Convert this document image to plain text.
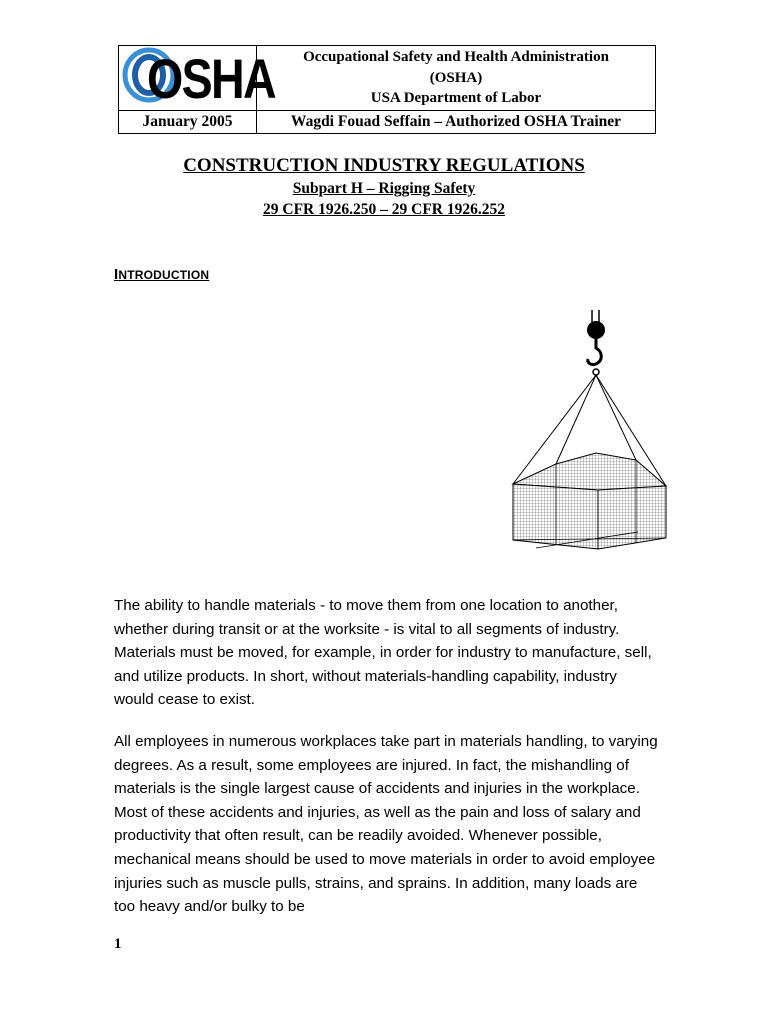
OSHA	Occupational Safety and Health Administration
(OSHA)
USA Department of Labor

January 2005	Wagdi Fouad Seffain – Authorized OSHA Trainer
CONSTRUCTION INDUSTRY REGULATIONS
Subpart H – Rigging Safety
29 CFR 1926.250 – 29 CFR 1926.252
INTRODUCTION

The ability to handle materials - to move them from one location to another, whether during transit or at the worksite - is vital to all segments of industry. Materials must be moved, for example, in order for industry to manufacture, sell, and utilize products. In short, without materials-handling capability, industry would cease to exist.

All employees in numerous workplaces take part in materials handling, to varying degrees. As a result, some employees are injured. In fact, the mishandling of materials is the single largest cause of accidents and injuries in the workplace. Most of these accidents and injuries, as well as the pain and loss of salary and productivity that often result, can be readily avoided. Whenever possible, mechanical means should be used to move materials in order to avoid employee injuries such as muscle pulls, strains, and sprains. In addition, many loads are too heavy and/or bulky to be

1
